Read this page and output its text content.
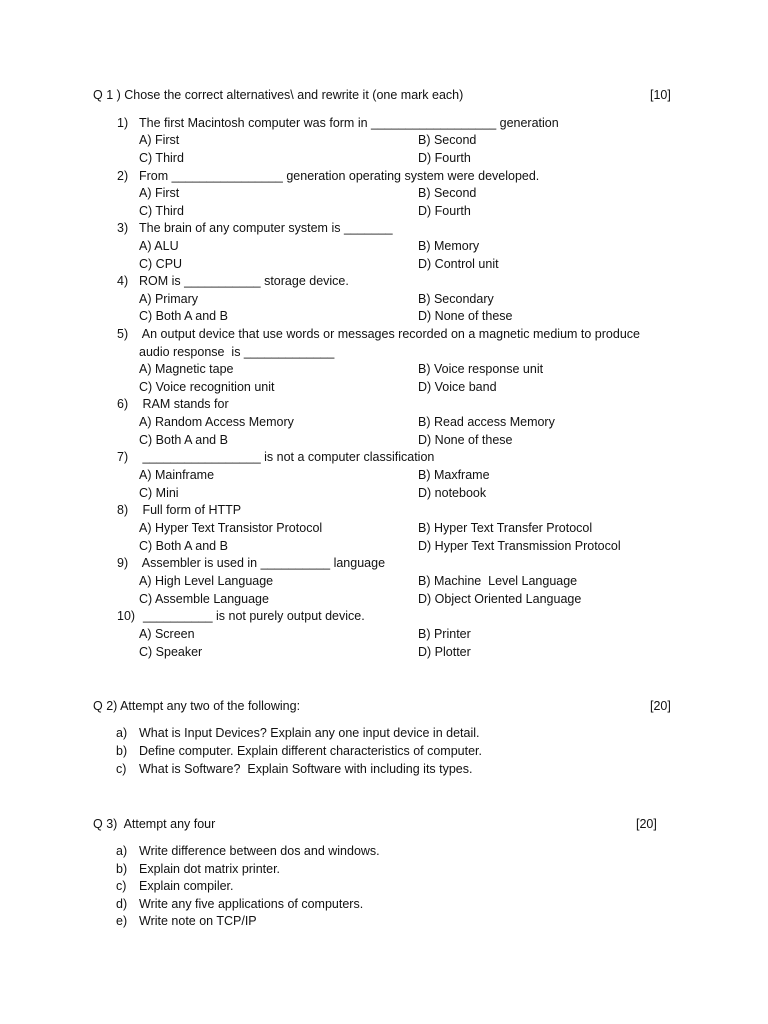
Q 1 ) Chose the correct alternatives\ and rewrite it (one mark each)	[10]
1) The first Macintosh computer was form in __________________ generation
A) First	B) Second
C) Third	D) Fourth
2) From ________________ generation operating system were developed.
A) First	B) Second
C) Third	D) Fourth
3) The brain of any computer system is _______
A) ALU	B) Memory
C) CPU	D) Control unit
4) ROM is ___________ storage device.
A) Primary	B) Secondary
C) Both A and B	D) None of these
5) An output device that use words or messages recorded on a magnetic medium to produce
audio response  is _____________
A) Magnetic tape	B) Voice response unit
C) Voice recognition unit	D) Voice band
6) RAM stands for
A) Random Access Memory	B) Read access Memory
C) Both A and B	D) None of these
7) _________________ is not a computer classification
A) Mainframe	B) Maxframe
C) Mini	D) notebook
8) Full form of HTTP
A) Hyper Text Transistor Protocol	B) Hyper Text Transfer Protocol
C) Both A and B	D) Hyper Text Transmission Protocol
9) Assembler is used in __________ language
A) High Level Language	B) Machine  Level Language
C) Assemble Language	D) Object Oriented Language
10) __________ is not purely output device.
A) Screen	B) Printer
C) Speaker	D) Plotter
Q 2) Attempt any two of the following:	[20]
a) What is Input Devices? Explain any one input device in detail.
b) Define computer. Explain different characteristics of computer.
c) What is Software?  Explain Software with including its types.
Q 3)  Attempt any four	[20]
a) Write difference between dos and windows.
b) Explain dot matrix printer.
c) Explain compiler.
d) Write any five applications of computers.
e) Write note on TCP/IP
